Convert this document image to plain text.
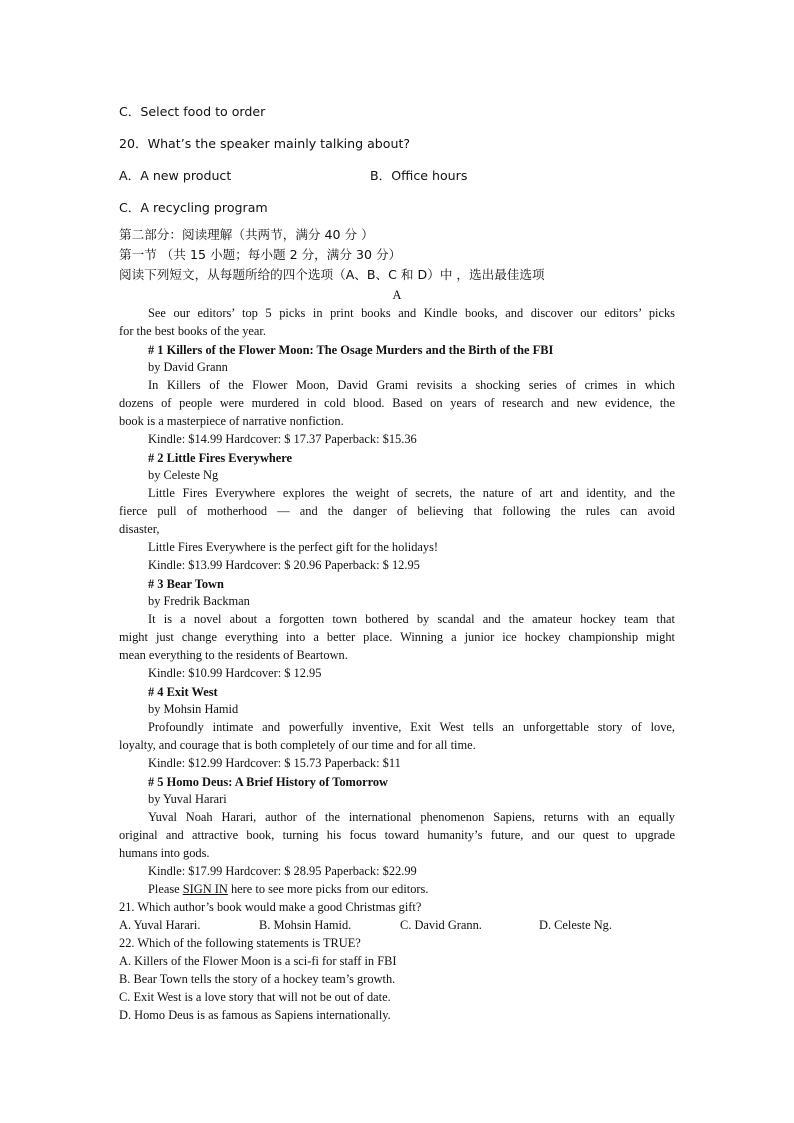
C．Select food to order
20．What’s the speaker mainly talking about?
A．A new product	B．Office hours
C．A recycling program
第二部分：阅读理解（共两节，满分 40 分 ）
第一节 （共 15 小题；每小题 2 分，满分 30 分）
阅读下列短文，从每题所给的四个选项（A、B、C 和 D）中 ，选出最佳选项
A
See our editors’ top 5 picks in print books and Kindle books, and discover our editors’ picks
for the best books of the year.
# 1 Killers of the Flower Moon: The Osage Murders and the Birth of the FBI
by David Grann
In Killers of the Flower Moon, David Grami revisits a shocking series of crimes in which
dozens of people were murdered in cold blood. Based on years of research and new evidence, the
book is a masterpiece of narrative nonfiction.
Kindle: $14.99 Hardcover: $ 17.37 Paperback: $15.36
# 2 Little Fires Everywhere
by Celeste Ng
Little Fires Everywhere explores the weight of secrets, the nature of art and identity, and the
fierce pull of motherhood — and the danger of believing that following the rules can avoid
disaster,
Little Fires Everywhere is the perfect gift for the holidays!
Kindle: $13.99 Hardcover: $ 20.96 Paperback: $ 12.95
# 3 Bear Town
by Fredrik Backman
It is a novel about a forgotten town bothered by scandal and the amateur hockey team that
might just change everything into a better place. Winning a junior ice hockey championship might
mean everything to the residents of Beartown.
Kindle: $10.99 Hardcover: $ 12.95
# 4 Exit West
by Mohsin Hamid
Profoundly intimate and powerfully inventive, Exit West tells an unforgettable story of love,
loyalty, and courage that is both completely of our time and for all time.
Kindle: $12.99 Hardcover: $ 15.73 Paperback: $11
# 5 Homo Deus: A Brief History of Tomorrow
by Yuval Harari
Yuval Noah Harari, author of the international phenomenon Sapiens, returns with an equally
original and attractive book, turning his focus toward humanity’s future, and our quest to upgrade
humans into gods.
Kindle: $17.99 Hardcover: $ 28.95 Paperback: $22.99
Please SIGN IN here to see more picks from our editors.
21. Which author’s book would make a good Christmas gift?
A. Yuval Harari.	B. Mohsin Hamid.	C. David Grann.	D. Celeste Ng.
22. Which of the following statements is TRUE?
A. Killers of the Flower Moon is a sci-fi for staff in FBI
B. Bear Town tells the story of a hockey team’s growth.
C. Exit West is a love story that will not be out of date.
D. Homo Deus is as famous as Sapiens internationally.
